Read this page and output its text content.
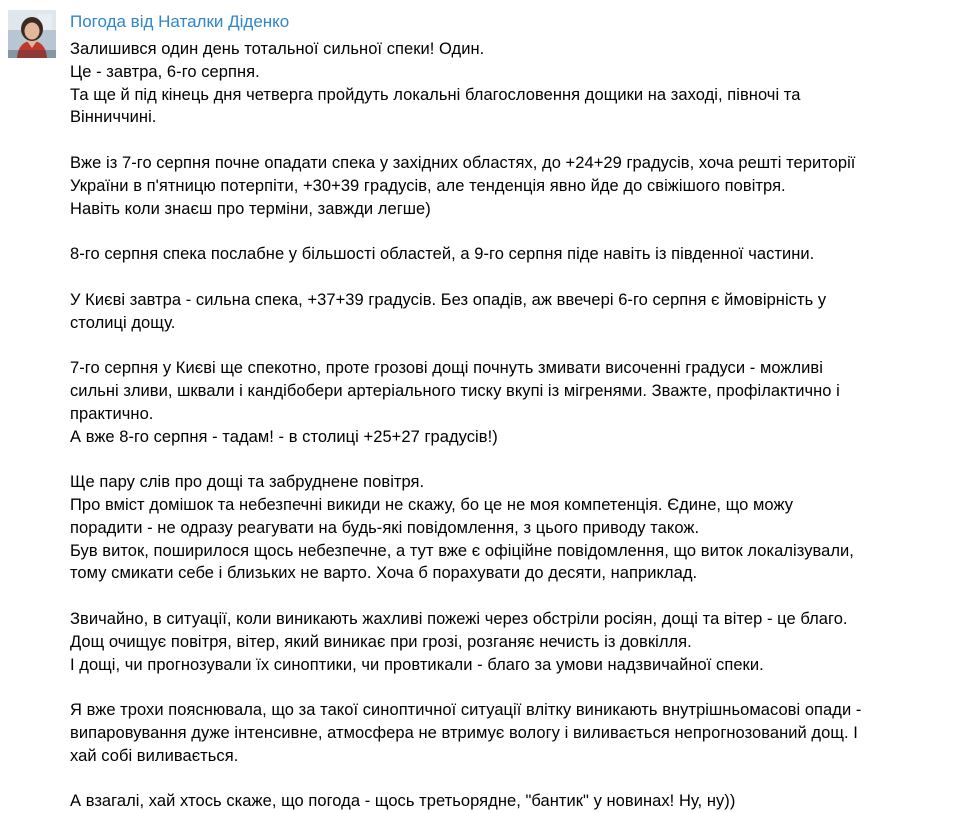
Погода від Наталки Діденко

Залишився один день тотальної сильної спеки! Один.
Це - завтра, 6-го серпня.
Та ще й під кінець дня четверга пройдуть локальні благословення дощики на заході, півночі та
Вінниччині.

Вже із 7-го серпня почне опадати спека у західних областях, до +24+29 градусів, хоча решті території
України в п'ятницю потерпіти, +30+39 градусів, але тенденція явно йде до свіжішого повітря.
Навіть коли знаєш про терміни, завжди легше)

8-го серпня спека послабне у більшості областей, а 9-го серпня піде навіть із південної частини.

У Києві завтра - сильна спека, +37+39 градусів. Без опадів, аж ввечері 6-го серпня є ймовірність у
столиці дощу.

7-го серпня у Києві ще спекотно, проте грозові дощі почнуть змивати височенні градуси - можливі
сильні зливи, шквали і кандібобери артеріального тиску вкупі із мігренями. Зважте, профілактично і
практично.
А вже 8-го серпня - тадам! - в столиці +25+27 градусів!)

Ще пару слів про дощі та забруднене повітря.
Про вміст домішок та небезпечні викиди не скажу, бо це не моя компетенція. Єдине, що можу
порадити - не одразу реагувати на будь-які повідомлення, з цього приводу також.
Був виток, поширилося щось небезпечне, а тут вже є офіційне повідомлення, що виток локалізували,
тому смикати себе і близьких не варто. Хоча б порахувати до десяти, наприклад.

Звичайно, в ситуації, коли виникають жахливі пожежі через обстріли росіян, дощі та вітер - це благо.
Дощ очищує повітря, вітер, який виникає при грозі, розганяє нечисть із довкілля.
І дощі, чи прогнозували їх синоптики, чи провтикали - благо за умови надзвичайної спеки.

Я вже трохи пояснювала, що за такої синоптичної ситуації влітку виникають внутрішньомасові опади -
випаровування дуже інтенсивне, атмосфера не втримує вологу і виливається непрогнозований дощ. І
хай собі виливається.

А взагалі, хай хтось скаже, що погода - щось третьорядне, "бантик" у новинах! Ну, ну))
